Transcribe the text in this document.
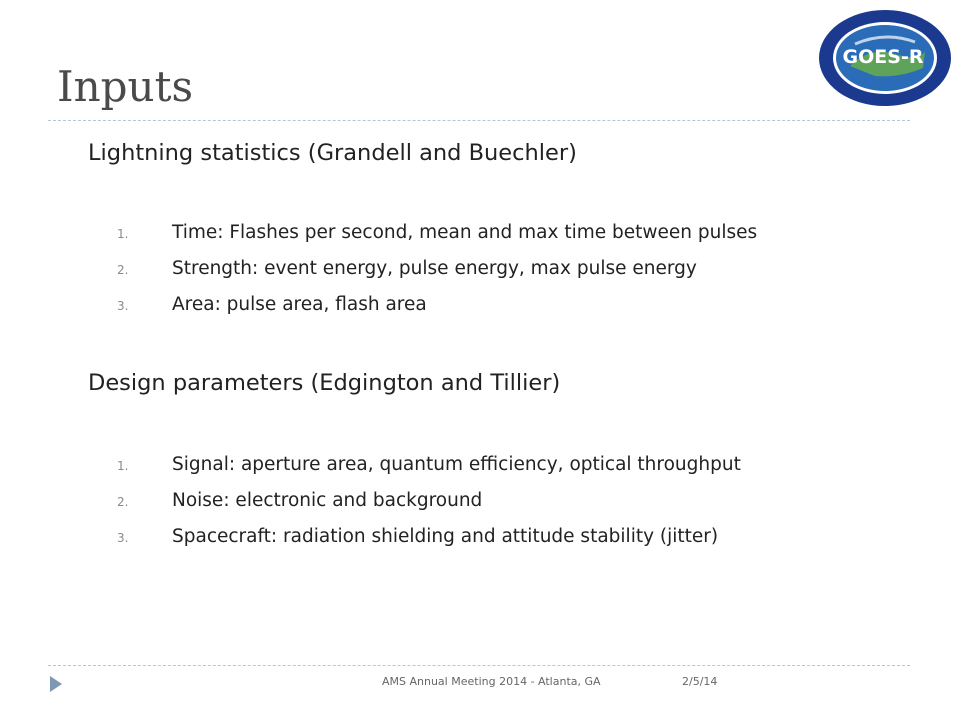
Inputs
GOES-R
Lightning statistics (Grandell and Buechler)
1. Time: Flashes per second, mean and max time between pulses
2. Strength: event energy, pulse energy, max pulse energy
3. Area: pulse area, flash area
Design parameters (Edgington and Tillier)
1. Signal: aperture area, quantum efficiency, optical throughput
2. Noise: electronic and background
3. Spacecraft: radiation shielding and attitude stability (jitter)
AMS Annual Meeting 2014 - Atlanta, GA	2/5/14
